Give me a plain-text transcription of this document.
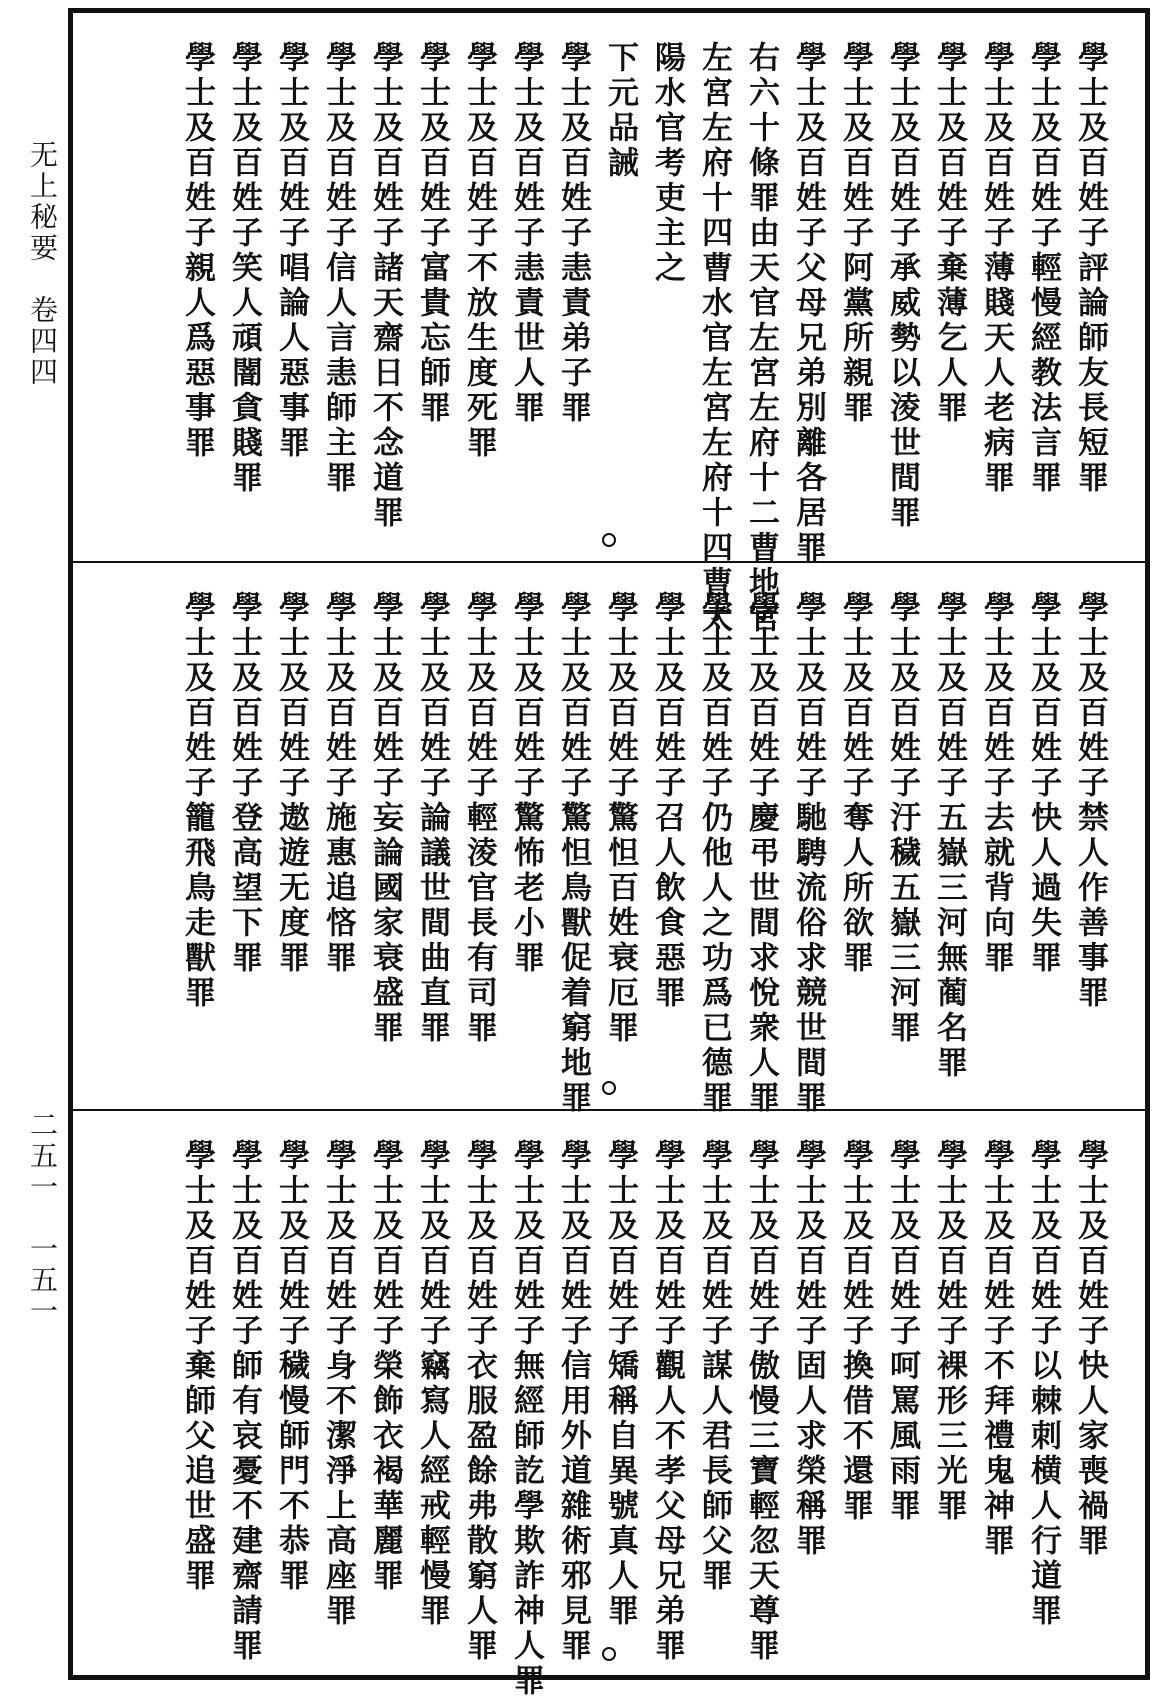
无上秘要　卷四四
二五一　一五一
學士及百姓子評論師友長短罪
學士及百姓子輕慢經教法言罪
學士及百姓子薄賤天人老病罪
學士及百姓子棄薄乞人罪
學士及百姓子承威勢以淩世間罪
學士及百姓子阿黨所親罪
學士及百姓子父母兄弟別離各居罪
右六十條罪由天官左宮左府十二曹地官
左宮左府十四曹水官左宮左府十四曹太
陽水官考吏主之
下元品誡
學士及百姓子恚責弟子罪
學士及百姓子恚責世人罪
學士及百姓子不放生度死罪
學士及百姓子富貴忘師罪
學士及百姓子諸天齋日不念道罪
學士及百姓子信人言恚師主罪
學士及百姓子唱論人惡事罪
學士及百姓子笑人頑闇貪賤罪
學士及百姓子親人爲惡事罪
學士及百姓子禁人作善事罪
學士及百姓子快人過失罪
學士及百姓子去就背向罪
學士及百姓子五嶽三河無蔺名罪
學士及百姓子汙穢五嶽三河罪
學士及百姓子奪人所欲罪
學士及百姓子馳騁流俗求競世間罪
學士及百姓子慶弔世間求悅衆人罪
學士及百姓子仍他人之功爲已德罪
學士及百姓子召人飲食惡罪
學士及百姓子驚怛百姓衰厄罪
學士及百姓子驚怛鳥獸促着窮地罪
學士及百姓子驚怖老小罪
學士及百姓子輕淩官長有司罪
學士及百姓子論議世間曲直罪
學士及百姓子妄論國家衰盛罪
學士及百姓子施惠追悋罪
學士及百姓子遨遊无度罪
學士及百姓子登高望下罪
學士及百姓子籠飛鳥走獸罪
學士及百姓子快人家喪禍罪
學士及百姓子以棘刺横人行道罪
學士及百姓子不拜禮鬼神罪
學士及百姓子裸形三光罪
學士及百姓子呵罵風雨罪
學士及百姓子換借不還罪
學士及百姓子固人求榮稱罪
學士及百姓子傲慢三寶輕忽天尊罪
學士及百姓子謀人君長師父罪
學士及百姓子觀人不孝父母兄弟罪
學士及百姓子矯稱自異號真人罪
學士及百姓子信用外道雜術邪見罪
學士及百姓子無經師訖學欺詐神人罪
學士及百姓子衣服盈餘弗散窮人罪
學士及百姓子竊寫人經戒輕慢罪
學士及百姓子榮飾衣褐華麗罪
學士及百姓子身不潔淨上高座罪
學士及百姓子穢慢師門不恭罪
學士及百姓子師有哀憂不建齋請罪
學士及百姓子棄師父追世盛罪
